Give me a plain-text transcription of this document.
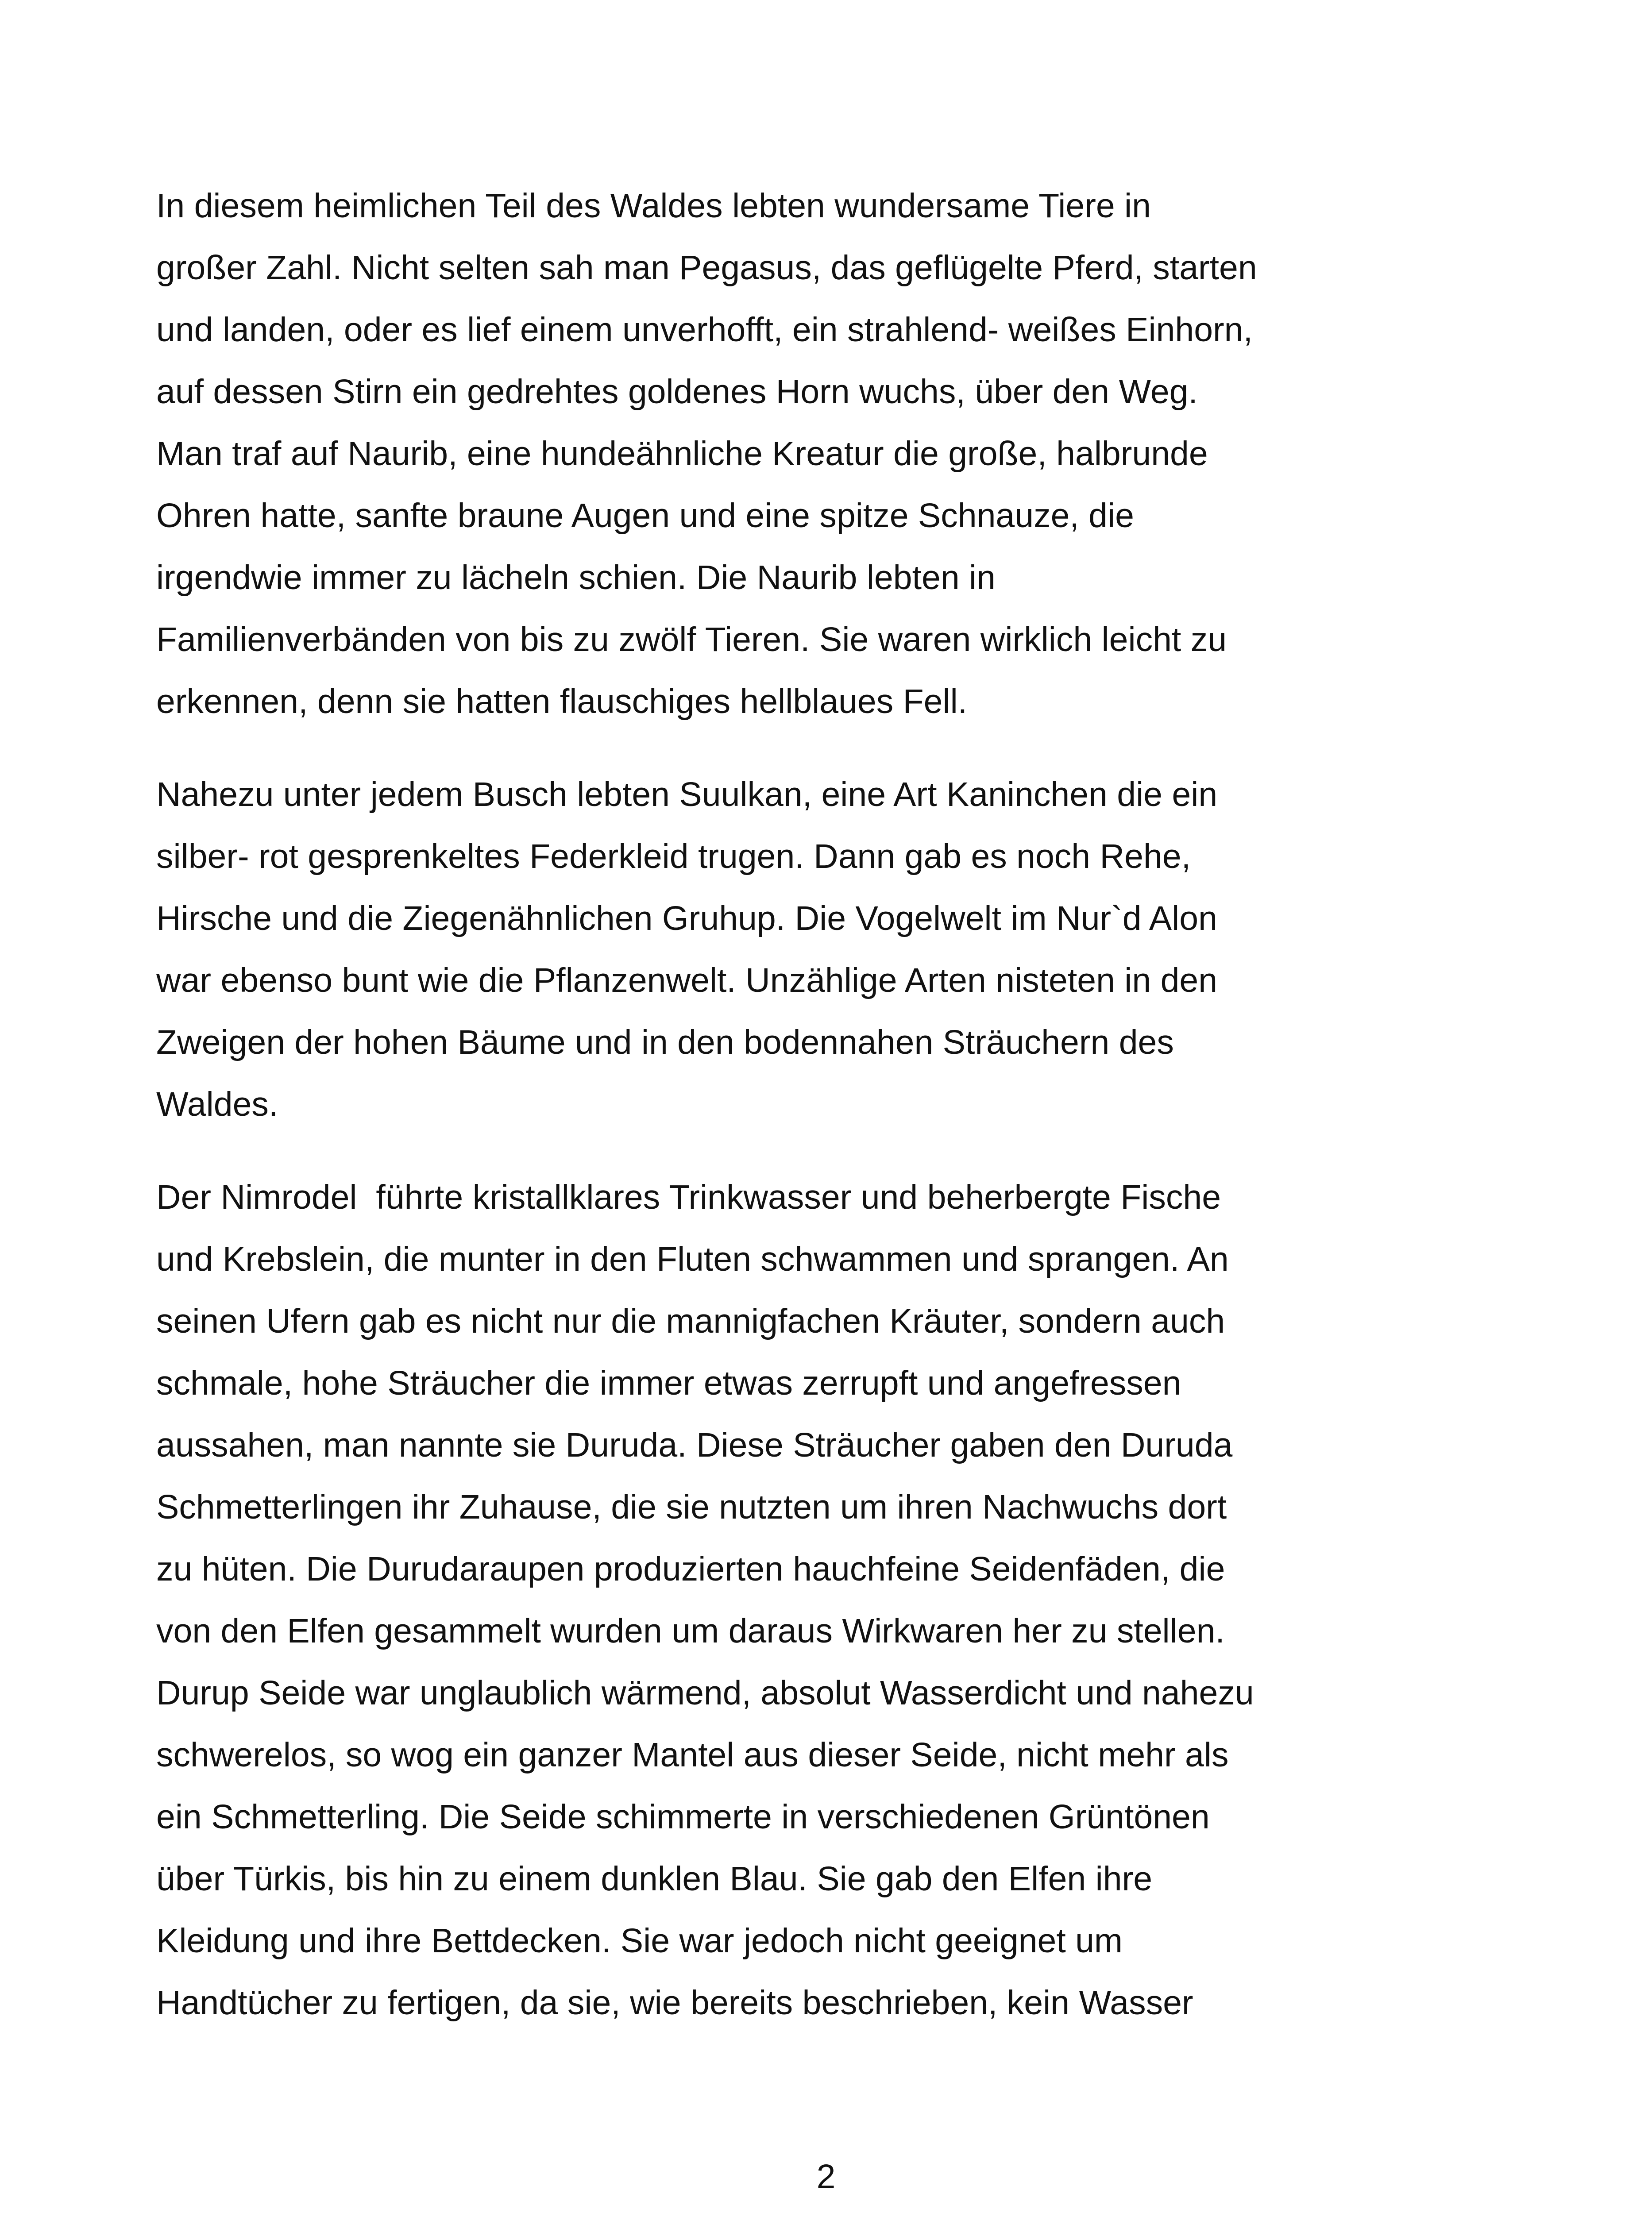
In diesem heimlichen Teil des Waldes lebten wundersame Tiere in
großer Zahl. Nicht selten sah man Pegasus, das geflügelte Pferd, starten
und landen, oder es lief einem unverhofft, ein strahlend- weißes Einhorn,
auf dessen Stirn ein gedrehtes goldenes Horn wuchs, über den Weg.
Man traf auf Naurib, eine hundeähnliche Kreatur die große, halbrunde
Ohren hatte, sanfte braune Augen und eine spitze Schnauze, die
irgendwie immer zu lächeln schien. Die Naurib lebten in
Familienverbänden von bis zu zwölf Tieren. Sie waren wirklich leicht zu
erkennen, denn sie hatten flauschiges hellblaues Fell.

Nahezu unter jedem Busch lebten Suulkan, eine Art Kaninchen die ein
silber- rot gesprenkeltes Federkleid trugen. Dann gab es noch Rehe,
Hirsche und die Ziegenähnlichen Gruhup. Die Vogelwelt im Nur`d Alon
war ebenso bunt wie die Pflanzenwelt. Unzählige Arten nisteten in den
Zweigen der hohen Bäume und in den bodennahen Sträuchern des
Waldes.

Der Nimrodel  führte kristallklares Trinkwasser und beherbergte Fische
und Krebslein, die munter in den Fluten schwammen und sprangen. An
seinen Ufern gab es nicht nur die mannigfachen Kräuter, sondern auch
schmale, hohe Sträucher die immer etwas zerrupft und angefressen
aussahen, man nannte sie Duruda. Diese Sträucher gaben den Duruda
Schmetterlingen ihr Zuhause, die sie nutzten um ihren Nachwuchs dort
zu hüten. Die Durudaraupen produzierten hauchfeine Seidenfäden, die
von den Elfen gesammelt wurden um daraus Wirkwaren her zu stellen.
Durup Seide war unglaublich wärmend, absolut Wasserdicht und nahezu
schwerelos, so wog ein ganzer Mantel aus dieser Seide, nicht mehr als
ein Schmetterling. Die Seide schimmerte in verschiedenen Grüntönen
über Türkis, bis hin zu einem dunklen Blau. Sie gab den Elfen ihre
Kleidung und ihre Bettdecken. Sie war jedoch nicht geeignet um
Handtücher zu fertigen, da sie, wie bereits beschrieben, kein Wasser

2
